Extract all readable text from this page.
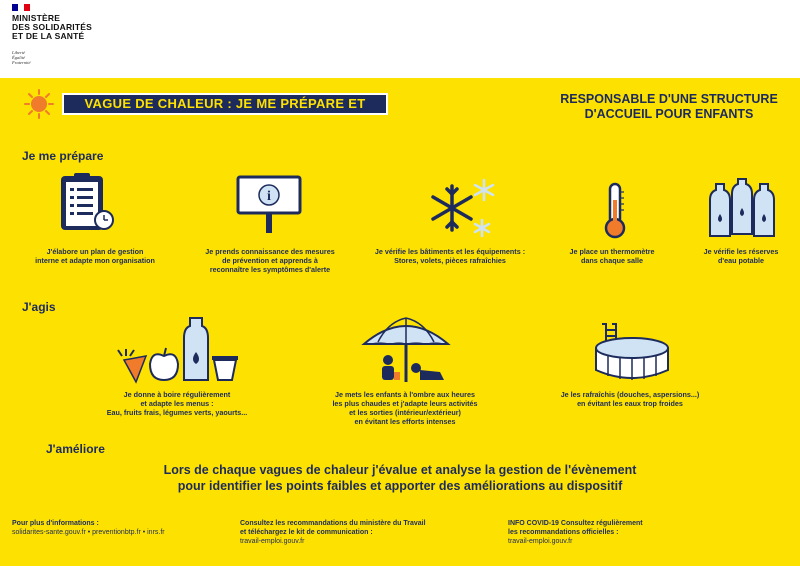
MINISTÈRE
DES SOLIDARITÉS
ET DE LA SANTÉ
Liberté
Égalité
Fraternité
VAGUE DE CHALEUR : JE ME PRÉPARE ET J'AGIS
RESPONSABLE D'UNE STRUCTURE
D'ACCUEIL POUR ENFANTS
Je me prépare
J'élabore un plan de gestion
interne et adapte mon organisation
i
Je prends connaissance des mesures
de prévention et apprends à
reconnaître les symptômes d'alerte
Je vérifie les bâtiments et les équipements :
Stores, volets, pièces rafraîchies
Je place un thermomètre
dans chaque salle
Je vérifie les réserves
d'eau potable
J'agis
Je donne à boire régulièrement
et adapte les menus :
Eau, fruits frais, légumes verts, yaourts...
Je mets les enfants à l'ombre aux heures
les plus chaudes et j'adapte leurs activités
et les sorties (intérieur/extérieur)
en évitant les efforts intenses
Je les rafraîchis (douches, aspersions...)
en évitant les eaux trop froides
J'améliore
Lors de chaque vagues de chaleur j'évalue et analyse la gestion de l'évènement
pour identifier les points faibles et apporter des améliorations au dispositif
Pour plus d'informations :
solidarites-sante.gouv.fr • preventionbtp.fr • inrs.fr
Consultez les recommandations du ministère du Travail
et téléchargez le kit de communication :
travail-emploi.gouv.fr
INFO COVID-19 Consultez régulièrement
les recommandations officielles :
travail-emploi.gouv.fr
